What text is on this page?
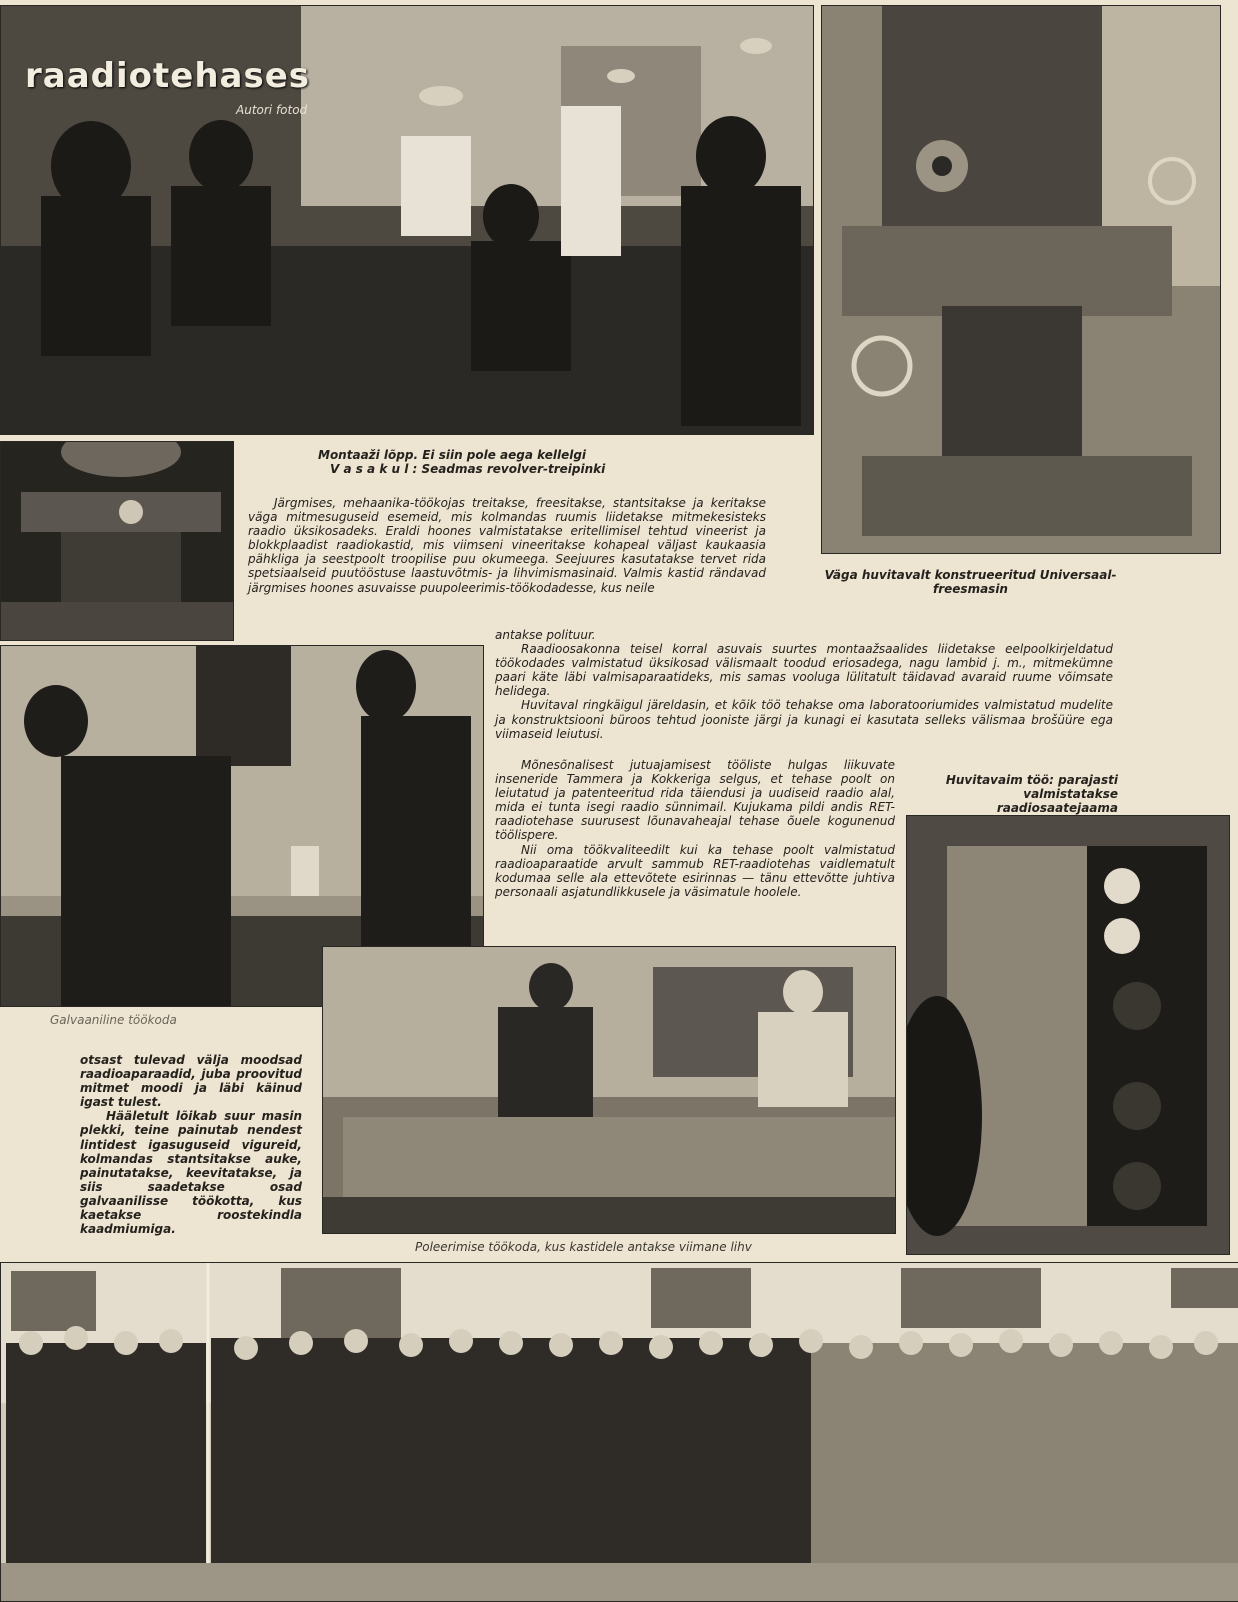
raadiotehases
Autori fotod
Galvaaniline töökoda
Montaaži lõpp. Ei siin pole aega kellelgi
V a s a k u l : Seadmas revolver-treipinki
Väga huvitavalt konstrueeritud Universaal-freesmasin

Järgmises, mehaanika-töökojas treitakse, freesitakse, stantsitakse ja keritakse väga mitmesuguseid esemeid, mis kolmandas ruumis liidetakse mitmekesisteks raadio üksikosadeks. Eraldi hoones valmistatakse eritellimisel tehtud vineerist ja blokkplaadist raadiokastid, mis viimseni vineeritakse kohapeal väljast kaukaasia pähkliga ja seestpoolt troopilise puu okumeega. Seejuures kasutatakse tervet rida spetsiaalseid puutööstuse laastuvõtmis- ja lihvimismasinaid. Valmis kastid rändavad järgmises hoones asuvaisse puupoleerimis-töökodadesse, kus neile

antakse polituur.

Raadioosakonna teisel korral asuvais suurtes montaažsaalides liidetakse eelpoolkirjeldatud töökodades valmistatud üksikosad välismaalt toodud eriosadega, nagu lambid j. m., mitmekümne paari käte läbi valmisaparaatideks, mis samas vooluga lülitatult täidavad avaraid ruume võimsate helidega.

Huvitaval ringkäigul järeldasin, et kõik töö tehakse oma laboratooriumides valmistatud mudelite ja konstruktsiooni büroos tehtud jooniste järgi ja kunagi ei kasutata selleks välismaa brošüüre ega viimaseid leiutusi.

Mõnesõnalisest jutuajamisest tööliste hulgas liikuvate inseneride Tammera ja Kokkeriga selgus, et tehase poolt on leiutatud ja patenteeritud rida täiendusi ja uudiseid raadio alal, mida ei tunta isegi raadio sünnimail. Kujukama pildi andis RET-raadiotehase suurusest lõunavaheajal tehase õuele kogunenud töölispere.

Nii oma töökvaliteedilt kui ka tehase poolt valmistatud raadioaparaatide arvult sammub RET-raadiotehas vaidlematult kodumaa selle ala ettevõtete esirinnas — tänu ettevõtte juhtiva personaali asjatundlikkusele ja väsimatule hoolele.

Huvitavaim töö: parajasti valmistatakse raadiosaatejaama

otsast tulevad välja moodsad raadioaparaadid, juba proovitud mitmet moodi ja läbi käinud igast tulest.

Hääletult lõikab suur masin plekki, teine painutab nendest lintidest igasuguseid vigureid, kolmandas stantsitakse auke, painutatakse, keevitatakse, ja siis saadetakse osad galvaanilisse töökotta, kus kaetakse roostekindla kaadmiumiga.

Poleerimise töökoda, kus kastidele antakse viimane lihv
